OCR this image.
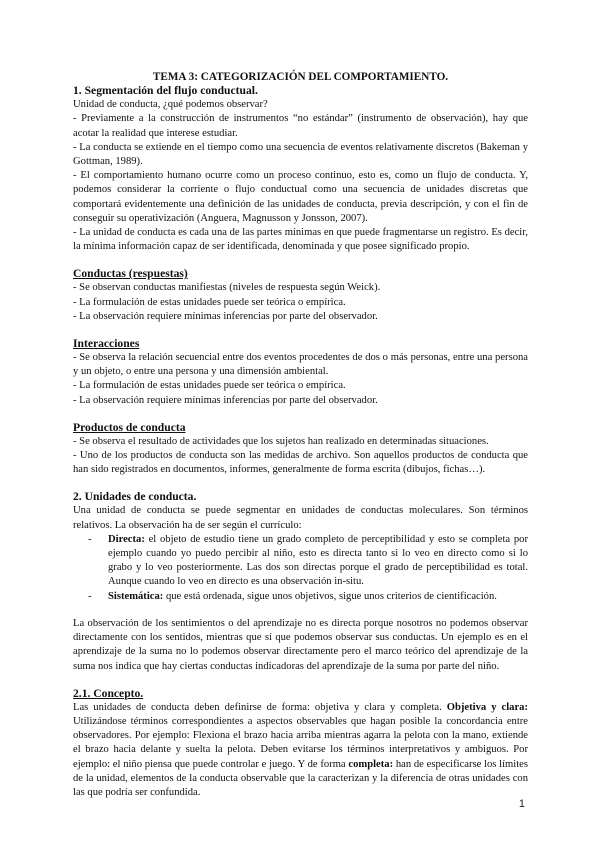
TEMA 3: CATEGORIZACIÓN DEL COMPORTAMIENTO.

1. Segmentación del flujo conductual.

Unidad de conducta, ¿qué podemos observar?

- Previamente a la construcción de instrumentos “no estándar” (instrumento de observación), hay que acotar la realidad que interese estudiar.

- La conducta se extiende en el tiempo como una secuencia de eventos relativamente discretos (Bakeman y Gottman, 1989).

- El comportamiento humano ocurre como un proceso continuo, esto es, como un flujo de conducta. Y, podemos considerar la corriente o flujo conductual como una secuencia de unidades discretas que comportará evidentemente una definición de las unidades de conducta, previa descripción, y con el fin de conseguir su operativización (Anguera, Magnusson y Jonsson, 2007).

- La unidad de conducta es cada una de las partes mínimas en que puede fragmentarse un registro. Es decir, la mínima información capaz de ser identificada, denominada y que posee significado propio.

Conductas (respuestas)

- Se observan conductas manifiestas (niveles de respuesta según Weick).

- La formulación de estas unidades puede ser teórica o empírica.

- La observación requiere mínimas inferencias por parte del observador.

Interacciones

- Se observa la relación secuencial entre dos eventos procedentes de dos o más personas, entre una persona y un objeto, o entre una persona y una dimensión ambiental.

- La formulación de estas unidades puede ser teórica o empírica.

- La observación requiere mínimas inferencias por parte del observador.

Productos de conducta

- Se observa el resultado de actividades que los sujetos han realizado en determinadas situaciones.

- Uno de los productos de conducta son las medidas de archivo. Son aquellos productos de conducta que han sido registrados en documentos, informes, generalmente de forma escrita (dibujos, fichas…).

2. Unidades de conducta.

Una unidad de conducta se puede segmentar en unidades de conductas moleculares. Son términos relativos. La observación ha de ser según el currículo:

- Directa: el objeto de estudio tiene un grado completo de perceptibilidad y esto se completa por ejemplo cuando yo puedo percibir al niño, esto es directa tanto si lo veo en directo como si lo grabo y lo veo posteriormente. Las dos son directas porque el grado de perceptibilidad es total. Aunque cuando lo veo en directo es una observación in-situ.
- Sistemática: que está ordenada, sigue unos objetivos, sigue unos criterios de cientificación.

La observación de los sentimientos o del aprendizaje no es directa porque nosotros no podemos observar directamente con los sentidos, mientras que sí que podemos observar sus conductas. Un ejemplo es en el aprendizaje de la suma no lo podemos observar directamente pero el marco teórico del aprendizaje de la suma nos indica que hay ciertas conductas indicadoras del aprendizaje de la suma por parte del niño.

2.1. Concepto.

Las unidades de conducta deben definirse de forma: objetiva y clara y completa. Objetiva y clara: Utilizándose términos correspondientes a aspectos observables que hagan posible la concordancia entre observadores. Por ejemplo: Flexiona el brazo hacia arriba mientras agarra la pelota con la mano, extiende el brazo hacia delante y suelta la pelota. Deben evitarse los términos interpretativos y ambiguos. Por ejemplo: el niño piensa que puede controlar e juego. Y de forma completa: han de especificarse los límites de la unidad, elementos de la conducta observable que la caracterizan y la diferencia de otras unidades con las que podría ser confundida.

1
